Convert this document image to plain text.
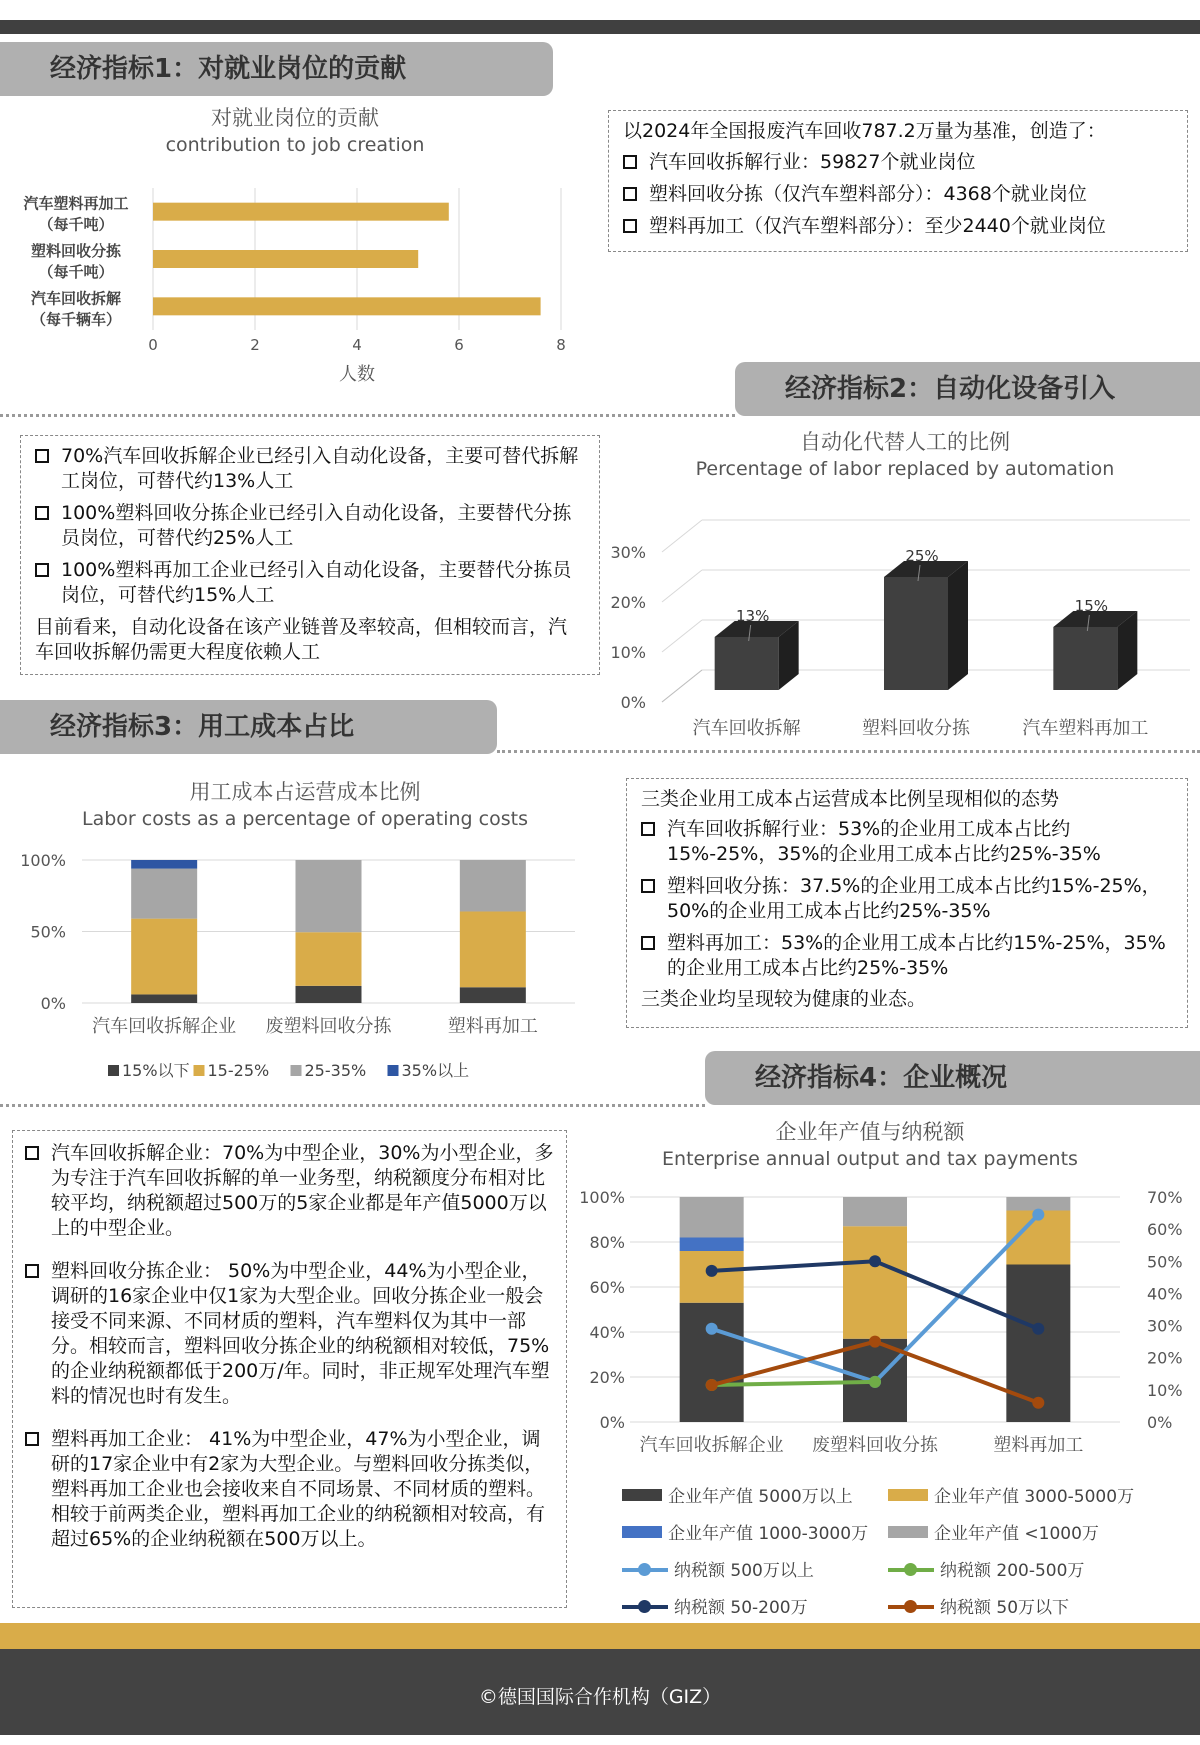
经济指标1：对就业岗位的贡献
对就业岗位的贡献
contribution to job creation
0	2	4	6	8
人数
汽车塑料再加工
（每千吨）
塑料回收分拣
（每千吨）
汽车回收拆解
（每千辆车）

以2024年全国报废汽车回收787.2万量为基准，创造了：

汽车回收拆解行业：59827个就业岗位
塑料回收分拣（仅汽车塑料部分）：4368个就业岗位
塑料再加工（仅汽车塑料部分）：至少2440个就业岗位
经济指标2：自动化设备引入
70%汽车回收拆解企业已经引入自动化设备，主要可替代拆解工岗位，可替代约13%人工
100%塑料回收分拣企业已经引入自动化设备，主要替代分拣员岗位，可替代约25%人工
100%塑料再加工企业已经引入自动化设备，主要替代分拣员岗位，可替代约15%人工

目前看来，自动化设备在该产业链普及率较高，但相较而言，汽车回收拆解仍需更大程度依赖人工

自动化代替人工的比例
Percentage of labor replaced by automation
0%
10%
20%
30%
13%
汽车回收拆解
25%
塑料回收分拣
15%
汽车塑料再加工
经济指标3：用工成本占比
用工成本占运营成本比例
Labor costs as a percentage of operating costs
0%
50%
100%
汽车回收拆解企业 废塑料回收分拣	塑料再加工
15%以下 15-25% 25-35% 35%以上

三类企业用工成本占运营成本比例呈现相似的态势

汽车回收拆解行业：53%的企业用工成本占比约15%-25%，35%的企业用工成本占比约25%-35%
塑料回收分拣：37.5%的企业用工成本占比约15%-25%，50%的企业用工成本占比约25%-35%
塑料再加工：53%的企业用工成本占比约15%-25%，35%的企业用工成本占比约25%-35%

三类企业均呈现较为健康的业态。

经济指标4：企业概况
汽车回收拆解企业：70%为中型企业，30%为小型企业，多为专注于汽车回收拆解的单一业务型，纳税额度分布相对比较平均，纳税额超过500万的5家企业都是年产值5000万以上的中型企业。
塑料回收分拣企业： 50%为中型企业，44%为小型企业，调研的16家企业中仅1家为大型企业。回收分拣企业一般会接受不同来源、不同材质的塑料，汽车塑料仅为其中一部分。相较而言，塑料回收分拣企业的纳税额相对较低，75%的企业纳税额都低于200万/年。同时，非正规军处理汽车塑料的情况也时有发生。
塑料再加工企业： 41%为中型企业，47%为小型企业，调研的17家企业中有2家为大型企业。与塑料回收分拣类似，塑料再加工企业也会接收来自不同场景、不同材质的塑料。相较于前两类企业，塑料再加工企业的纳税额相对较高，有超过65%的企业纳税额在500万以上。
企业年产值与纳税额
Enterprise annual output and tax payments
0%
20%
40%
60%
80%
100%
0%
10%
20%
30%
40%
50%
60%
70%
汽车回收拆解企业 废塑料回收分拣	塑料再加工
企业年产值 5000万以上	企业年产值 3000-5000万
企业年产值 1000-3000万	企业年产值 <1000万
纳税额 500万以上	纳税额 200-500万
纳税额 50-200万	纳税额 50万以下
©德国国际合作机构（GIZ）
